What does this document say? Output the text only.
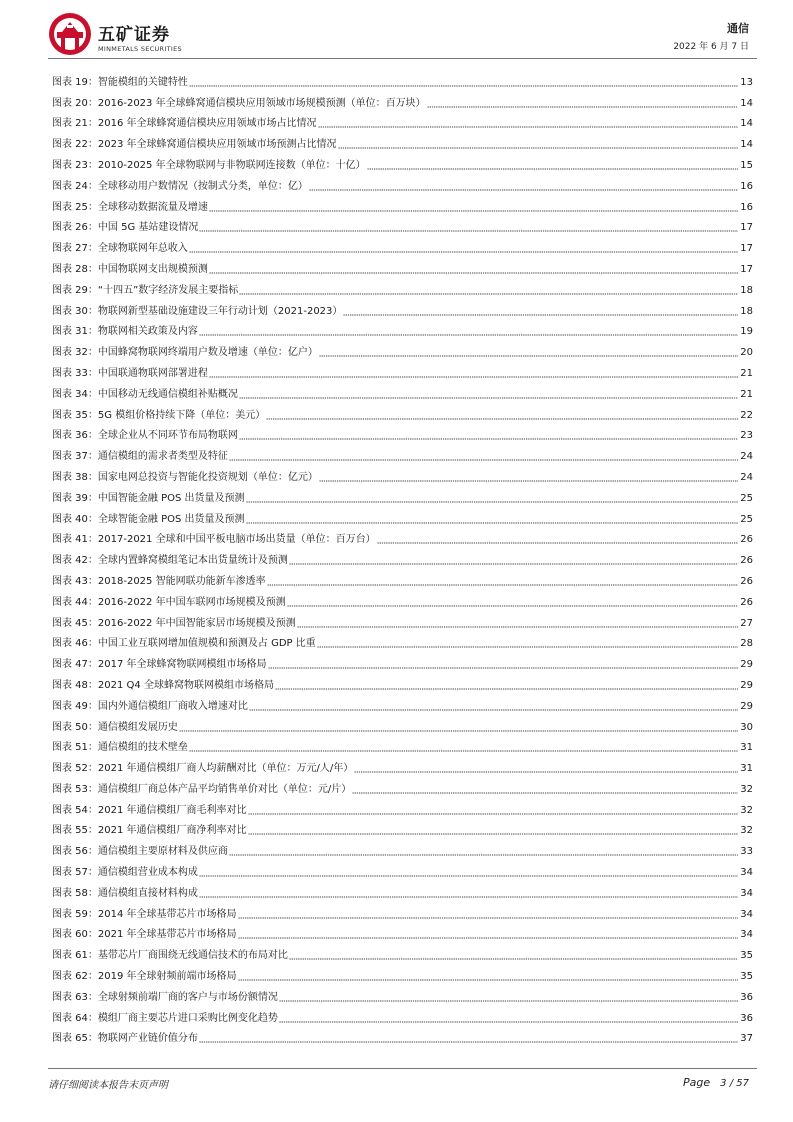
五矿证券
MINMETALS SECURITIES
通信
2022 年 6 月 7 日
图表 19：智能模组的关键特性	13
图表 20：2016-2023 年全球蜂窝通信模块应用领域市场规模预测（单位：百万块）	14
图表 21：2016 年全球蜂窝通信模块应用领域市场占比情况	14
图表 22：2023 年全球蜂窝通信模块应用领域市场预测占比情况	14
图表 23：2010-2025 年全球物联网与非物联网连接数（单位：十亿）	15
图表 24：全球移动用户数情况（按制式分类，单位：亿）	16
图表 25：全球移动数据流量及增速	16
图表 26：中国 5G 基站建设情况	17
图表 27：全球物联网年总收入	17
图表 28：中国物联网支出规模预测	17
图表 29：“十四五”数字经济发展主要指标	18
图表 30：物联网新型基础设施建设三年行动计划（2021-2023）	18
图表 31：物联网相关政策及内容	19
图表 32：中国蜂窝物联网终端用户数及增速（单位：亿户）	20
图表 33：中国联通物联网部署进程	21
图表 34：中国移动无线通信模组补贴概况	21
图表 35：5G 模组价格持续下降（单位：美元）	22
图表 36：全球企业从不同环节布局物联网	23
图表 37：通信模组的需求者类型及特征	24
图表 38：国家电网总投资与智能化投资规划（单位：亿元）	24
图表 39：中国智能金融 POS 出货量及预测	25
图表 40：全球智能金融 POS 出货量及预测	25
图表 41：2017-2021 全球和中国平板电脑市场出货量（单位：百万台）	26
图表 42：全球内置蜂窝模组笔记本出货量统计及预测	26
图表 43：2018-2025 智能网联功能新车渗透率	26
图表 44：2016-2022 年中国车联网市场规模及预测	26
图表 45：2016-2022 年中国智能家居市场规模及预测	27
图表 46：中国工业互联网增加值规模和预测及占 GDP 比重	28
图表 47：2017 年全球蜂窝物联网模组市场格局	29
图表 48：2021 Q4 全球蜂窝物联网模组市场格局	29
图表 49：国内外通信模组厂商收入增速对比	29
图表 50：通信模组发展历史	30
图表 51：通信模组的技术壁垒	31
图表 52：2021 年通信模组厂商人均薪酬对比（单位：万元/人/年）	31
图表 53：通信模组厂商总体产品平均销售单价对比（单位：元/片）	32
图表 54：2021 年通信模组厂商毛利率对比	32
图表 55：2021 年通信模组厂商净利率对比	32
图表 56：通信模组主要原材料及供应商	33
图表 57：通信模组营业成本构成	34
图表 58：通信模组直接材料构成	34
图表 59：2014 年全球基带芯片市场格局	34
图表 60：2021 年全球基带芯片市场格局	34
图表 61：基带芯片厂商围绕无线通信技术的布局对比	35
图表 62：2019 年全球射频前端市场格局	35
图表 63：全球射频前端厂商的客户与市场份额情况	36
图表 64：模组厂商主要芯片进口采购比例变化趋势	36
图表 65：物联网产业链价值分布	37
请仔细阅读本报告末页声明	Page 3 / 57
